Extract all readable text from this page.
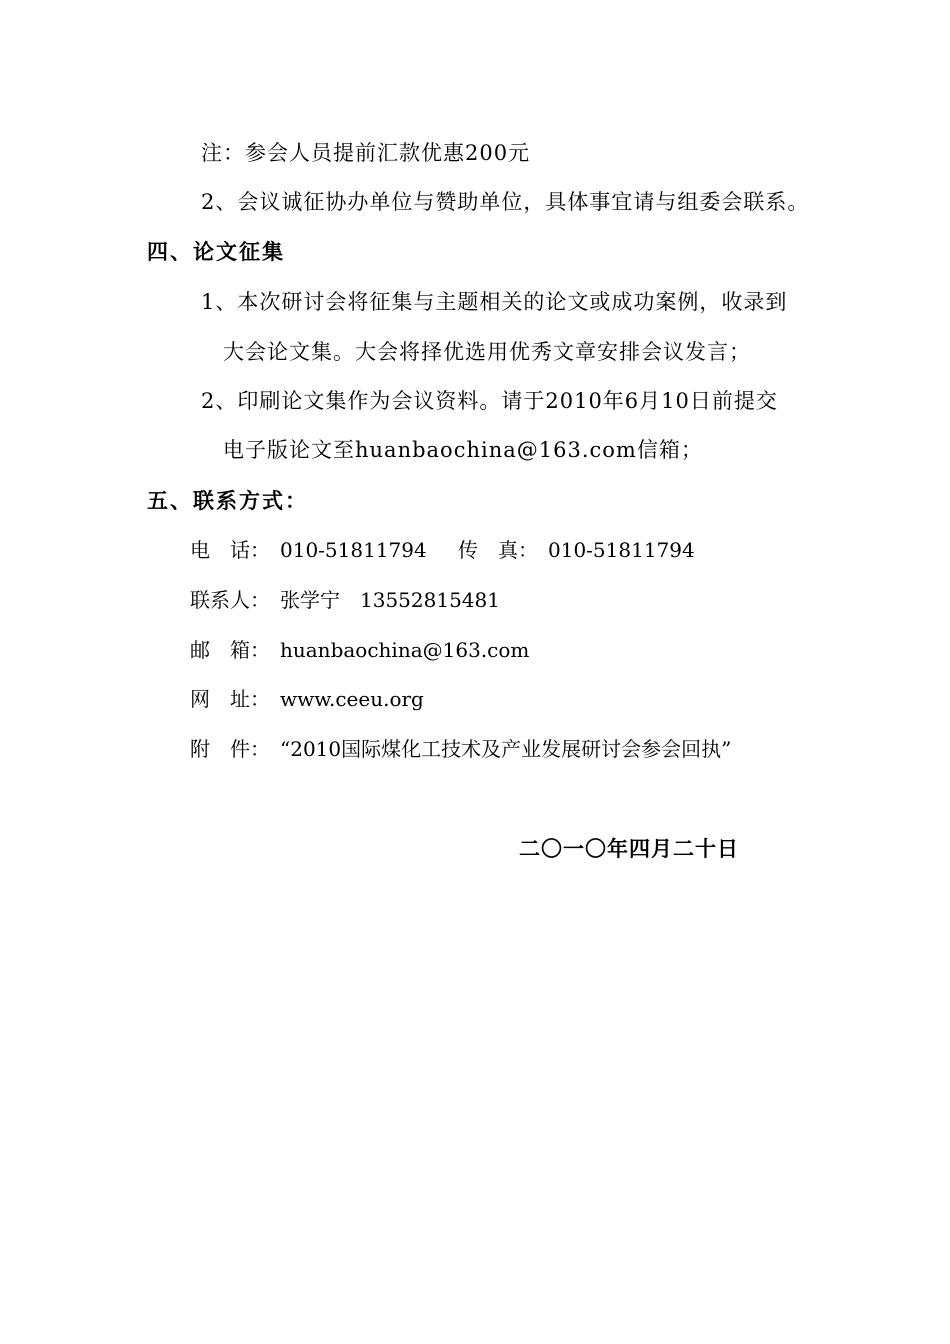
注：参会人员提前汇款优惠200元
2、会议诚征协办单位与赞助单位，具体事宜请与组委会联系。
四、论文征集
1、本次研讨会将征集与主题相关的论文或成功案例，收录到
大会论文集。大会将择优选用优秀文章安排会议发言；
2、印刷论文集作为会议资料。请于2010年6月10日前提交
电子版论文至huanbaochina@163.com信箱；
五、联系方式：
电　话： 010-51811794 传　真： 010-51811794
联系人： 张学宁　13552815481
邮　箱： huanbaochina@163.com
网　址： www.ceeu.org
附　件： “2010国际煤化工技术及产业发展研讨会参会回执”
二〇一〇年四月二十日
